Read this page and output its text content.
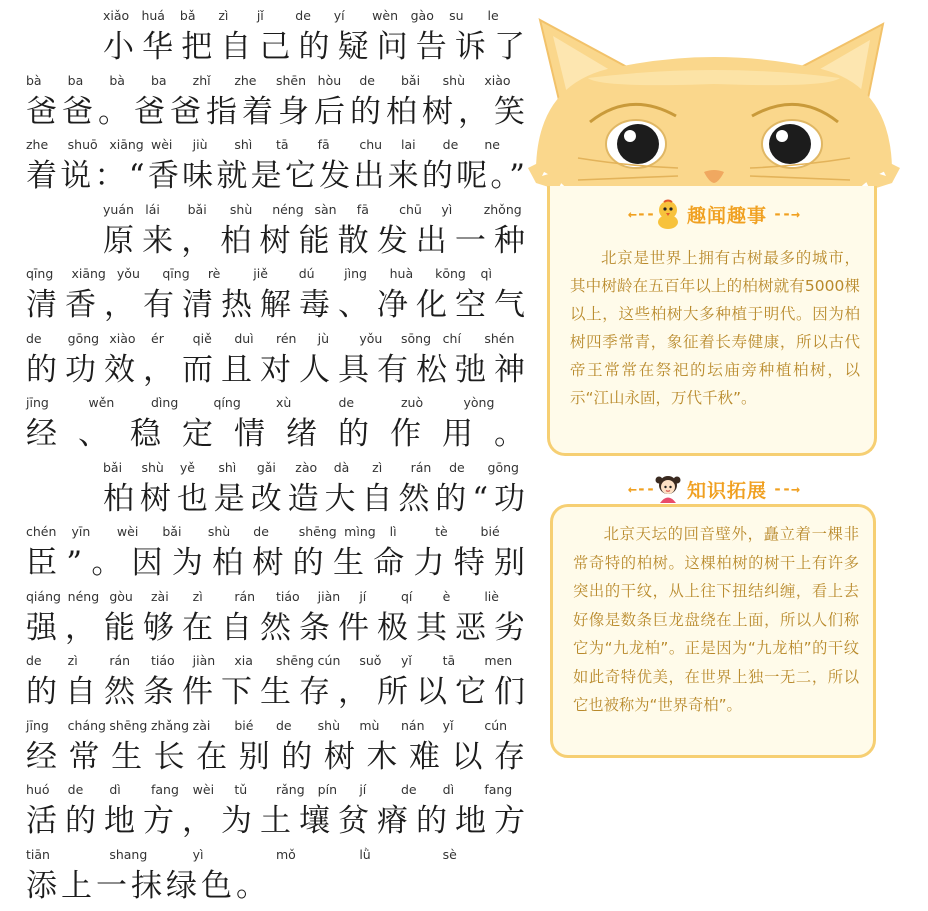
xiǎo huá bǎ zì jǐ	de yí wèn gào su le
小华把自己的疑问告诉了
bà ba bà ba zhǐ zhe shēn hòu de bǎi shù xiào
爸爸。爸爸指着身后的柏树，笑
zhe shuō xiāng wèi jiù shì tā fā chu lai de ne
着说：“香味就是它发出来的呢。”
yuán lái bǎi shù néng sàn fā chū yì	zhǒng
原来，柏树能散发出一种
qīng xiāng yǒu qīng rè	jiě dú jìng huà kōng qì
清香，有清热解毒、净化空气
de gōng xiào ér qiě duì rén jù yǒu sōng chí shén
的功效，而且对人具有松弛神
jīng	wěn	dìng	qíng	xù	de	zuò	yòng
经、稳定情绪的作用。
bǎi shù yě shì gǎi zào dà zì rán de gōng
柏树也是改造大自然的“功
chén yīn wèi bǎi shù de shēng mìng lì	tè	bié
臣”。因为柏树的生命力特别
qiáng néng gòu zài zì	rán tiáo jiàn jí	qí è	liè
强，能够在自然条件极其恶劣
de zì	rán tiáo jiàn xia shēng cún suǒ yǐ tā men
的自然条件下生存，所以它们
jīng cháng shēng zhǎng zài bié de shù mù nán yǐ cún
经常生长在别的树木难以存
huó de dì fang wèi tǔ rǎng pín jí	de dì fang
活的地方，为土壤贫瘠的地方
tiān	shang	yì	mǒ	lǜ	sè
添上一抹绿色。
北京是世界上拥有古树最多的城市，其中树龄在五百年以上的柏树就有5000棵以上，这些柏树大多种植于明代。因为柏树四季常青，象征着长寿健康，所以古代帝王常常在祭祀的坛庙旁种植柏树，以示“江山永固，万代千秋”。
←-- 趣闻趣事 --→
北京天坛的回音壁外，矗立着一棵非常奇特的柏树。这棵柏树的树干上有许多突出的干纹，从上往下扭结纠缠，看上去好像是数条巨龙盘绕在上面，所以人们称它为“九龙柏”。正是因为“九龙柏”的干纹如此奇特优美，在世界上独一无二，所以它也被称为“世界奇柏”。
←-- 知识拓展 --→
